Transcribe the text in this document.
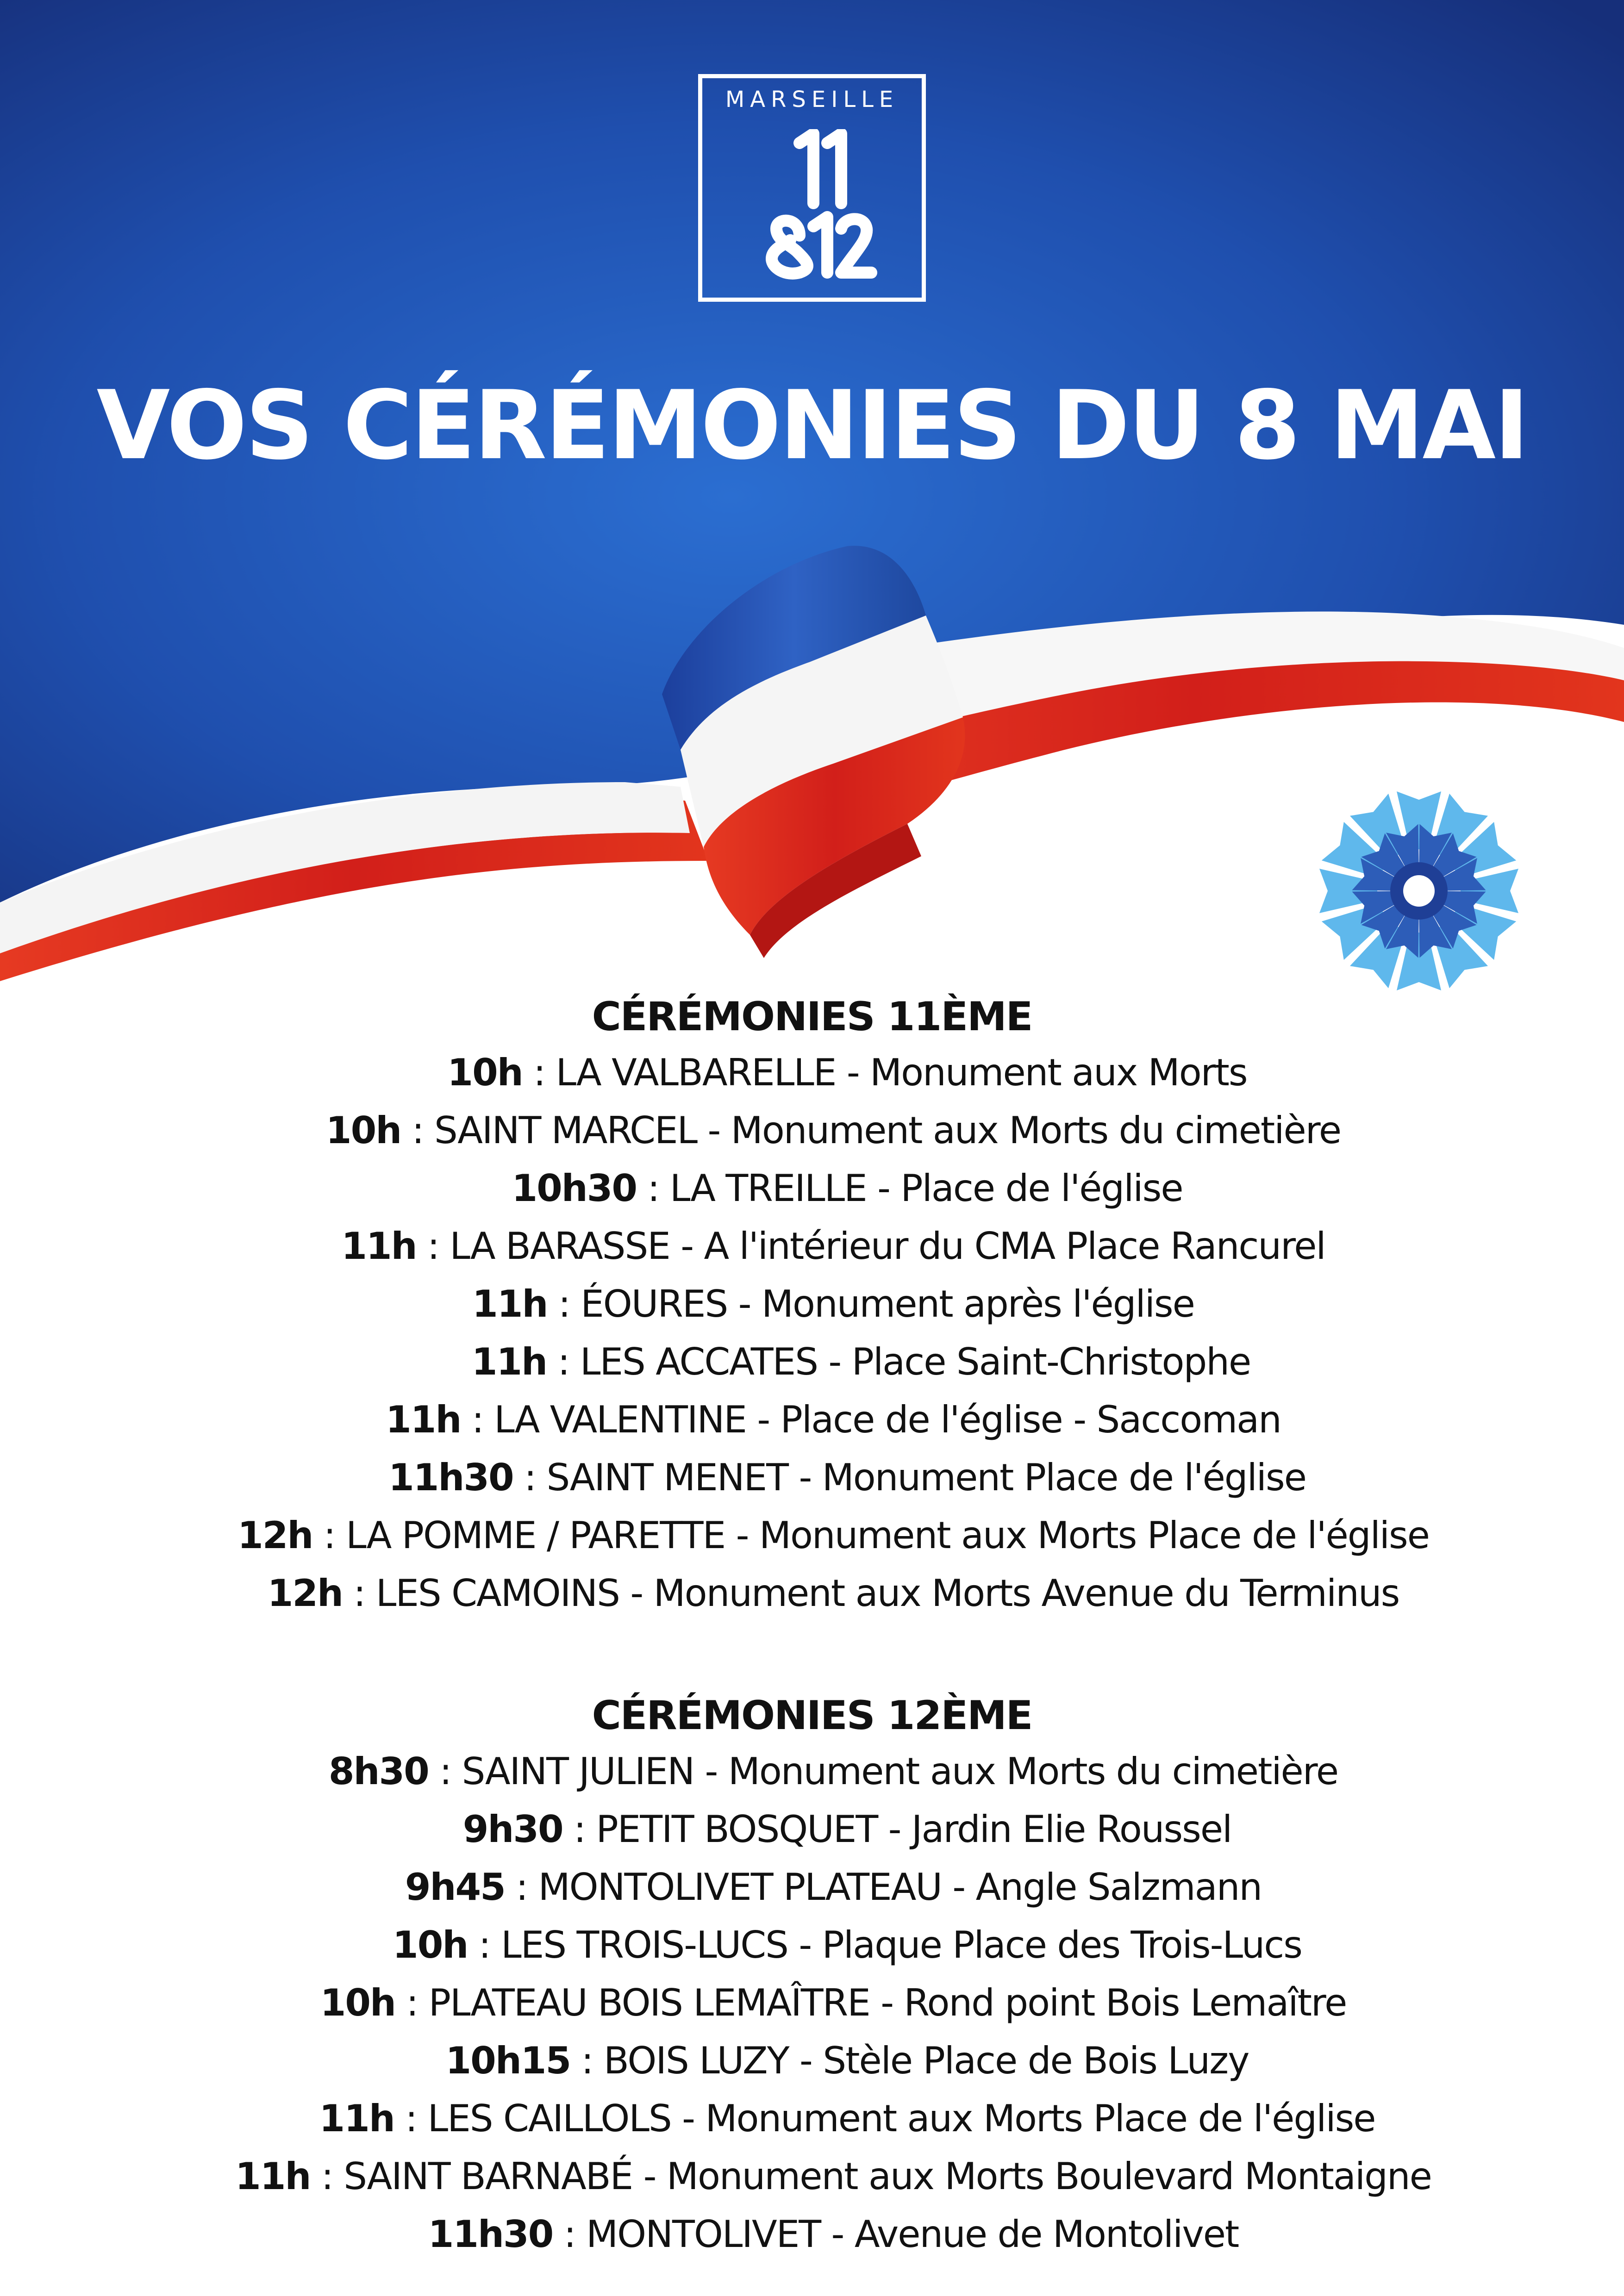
MARSEILLE
VOS CÉRÉMONIES DU 8 MAI
CÉRÉMONIES 11ÈME
10h : LA VALBARELLE - Monument aux Morts
10h : SAINT MARCEL - Monument aux Morts du cimetière
10h30 : LA TREILLE - Place de l'église
11h : LA BARASSE - A l'intérieur du CMA Place Rancurel
11h : ÉOURES - Monument après l'église
11h : LES ACCATES - Place Saint-Christophe
11h : LA VALENTINE - Place de l'église - Saccoman
11h30 : SAINT MENET - Monument Place de l'église
12h : LA POMME / PARETTE - Monument aux Morts Place de l'église
12h : LES CAMOINS - Monument aux Morts Avenue du Terminus
CÉRÉMONIES 12ÈME
8h30 : SAINT JULIEN - Monument aux Morts du cimetière
9h30 : PETIT BOSQUET - Jardin Elie Roussel
9h45 : MONTOLIVET PLATEAU - Angle Salzmann
10h : LES TROIS-LUCS - Plaque Place des Trois-Lucs
10h : PLATEAU BOIS LEMAÎTRE - Rond point Bois Lemaître
10h15 : BOIS LUZY - Stèle Place de Bois Luzy
11h : LES CAILLOLS - Monument aux Morts Place de l'église
11h : SAINT BARNABÉ - Monument aux Morts Boulevard Montaigne
11h30 : MONTOLIVET - Avenue de Montolivet
